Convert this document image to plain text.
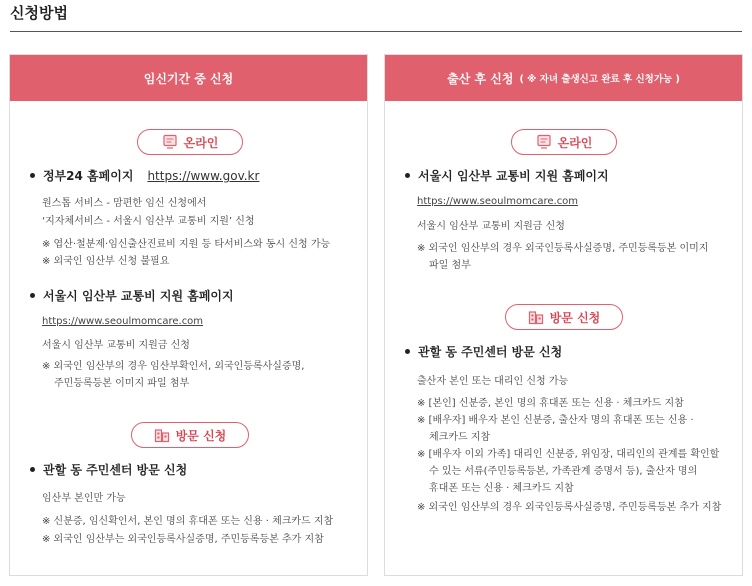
신청방법
임신기간 중 신청
온라인
정부24 홈페이지 https://www.gov.kr
원스톱 서비스 - 맘편한 임신 신청에서
‘지자체서비스 - 서울시 임산부 교통비 지원’ 신청
※ 엽산·철분제·임신출산진료비 지원 등 타서비스와 동시 신청 가능
※ 외국인 임산부 신청 불필요
서울시 임산부 교통비 지원 홈페이지
https://www.seoulmomcare.com
서울시 임산부 교통비 지원금 신청
※ 외국인 임산부의 경우 임산부확인서, 외국인등록사실증명,
주민등록등본 이미지 파일 첨부
방문 신청
관할 동 주민센터 방문 신청
임산부 본인만 가능
※ 신분증, 임신확인서, 본인 명의 휴대폰 또는 신용 · 체크카드 지참
※ 외국인 임산부는 외국인등록사실증명, 주민등록등본 추가 지참
출산 후 신청 ( ※ 자녀 출생신고 완료 후 신청가능 )
온라인
서울시 임산부 교통비 지원 홈페이지
https://www.seoulmomcare.com
서울시 임산부 교통비 지원금 신청
※ 외국인 임산부의 경우 외국인등록사실증명, 주민등록등본 이미지
파일 첨부
방문 신청
관할 동 주민센터 방문 신청
출산자 본인 또는 대리인 신청 가능
※ [본인] 신분증, 본인 명의 휴대폰 또는 신용 · 체크카드 지참
※ [배우자] 배우자 본인 신분증, 출산자 명의 휴대폰 또는 신용 ·
체크카드 지참
※ [배우자 이외 가족] 대리인 신분증, 위임장, 대리인의 관계를 확인할
수 있는 서류(주민등록등본, 가족관계 증명서 등), 출산자 명의
휴대폰 또는 신용 · 체크카드 지참
※ 외국인 임산부의 경우 외국인등록사실증명, 주민등록등본 추가 지참
